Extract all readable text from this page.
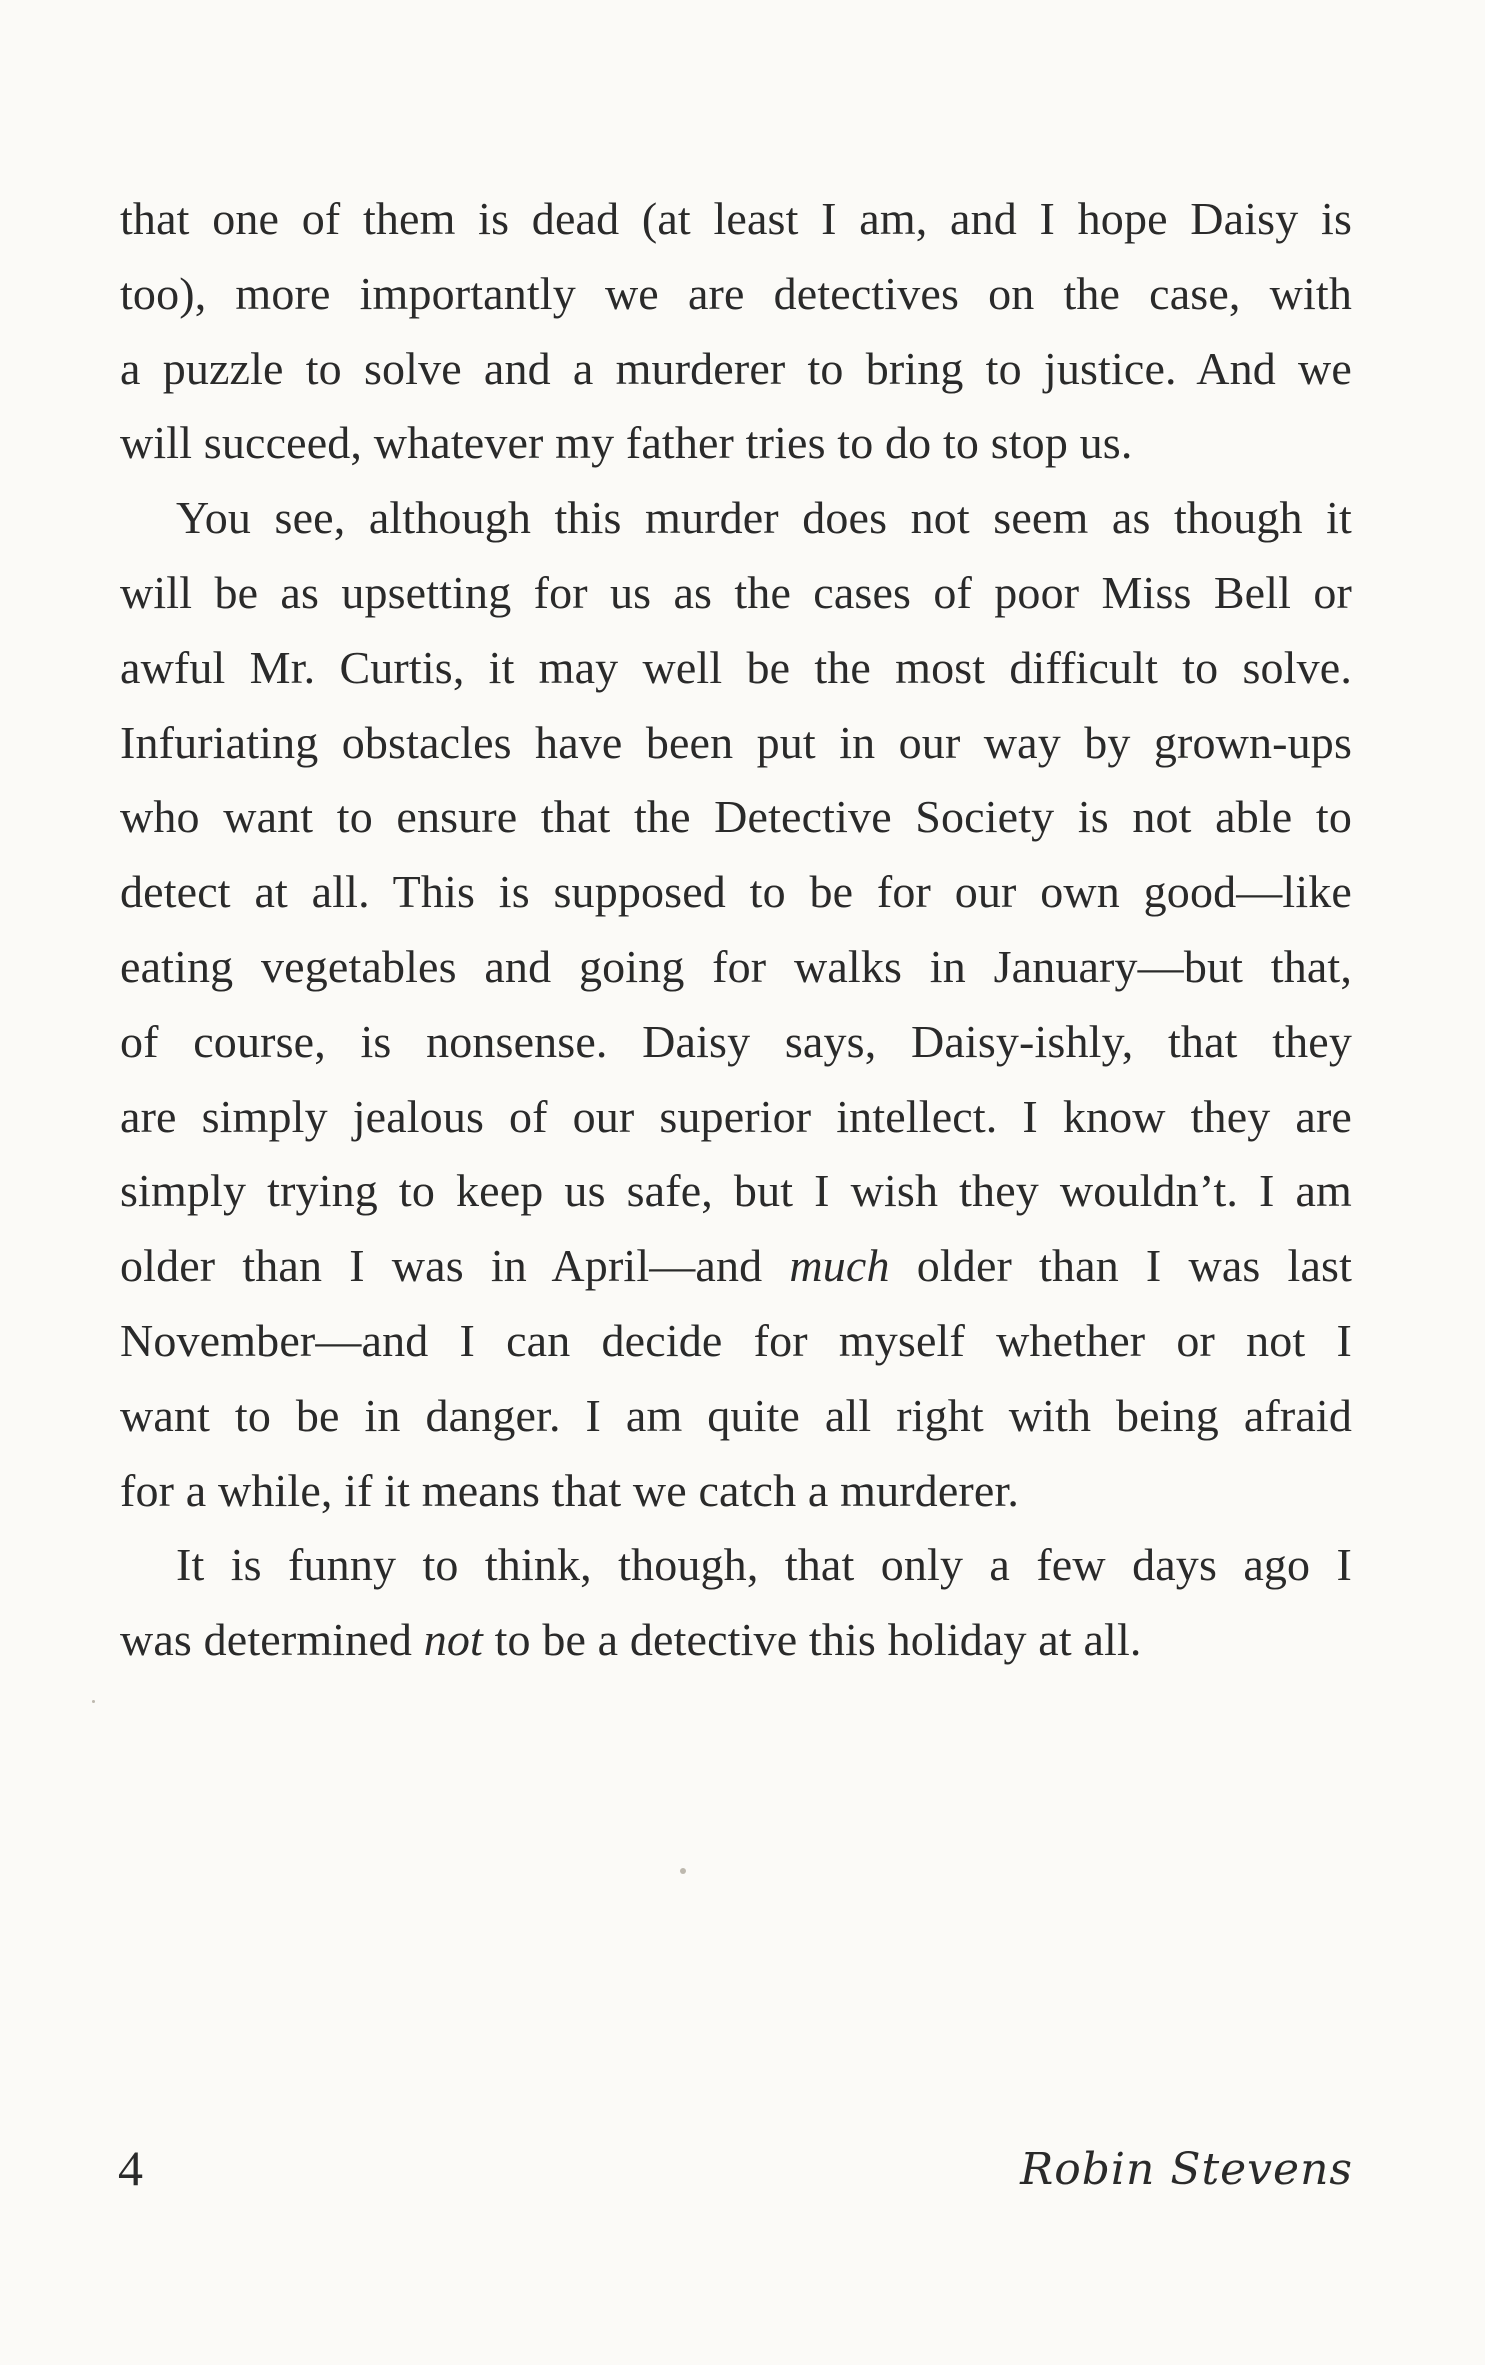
that one of them is dead (at least I am, and I hope Daisy is
too), more importantly we are detectives on the case, with
a puzzle to solve and a murderer to bring to justice. And we
will succeed, whatever my father tries to do to stop us.
You see, although this murder does not seem as though it
will be as upsetting for us as the cases of poor Miss Bell or
awful Mr. Curtis, it may well be the most difficult to solve.
Infuriating obstacles have been put in our way by grown-ups
who want to ensure that the Detective Society is not able to
detect at all. This is supposed to be for our own good—like
eating vegetables and going for walks in January—but that,
of course, is nonsense. Daisy says, Daisy-ishly, that they
are simply jealous of our superior intellect. I know they are
simply trying to keep us safe, but I wish they wouldn’t. I am
older than I was in April—and much older than I was last
November—and I can decide for myself whether or not I
want to be in danger. I am quite all right with being afraid
for a while, if it means that we catch a murderer.
It is funny to think, though, that only a few days ago I
was determined not to be a detective this holiday at all.
4	Robin Stevens
